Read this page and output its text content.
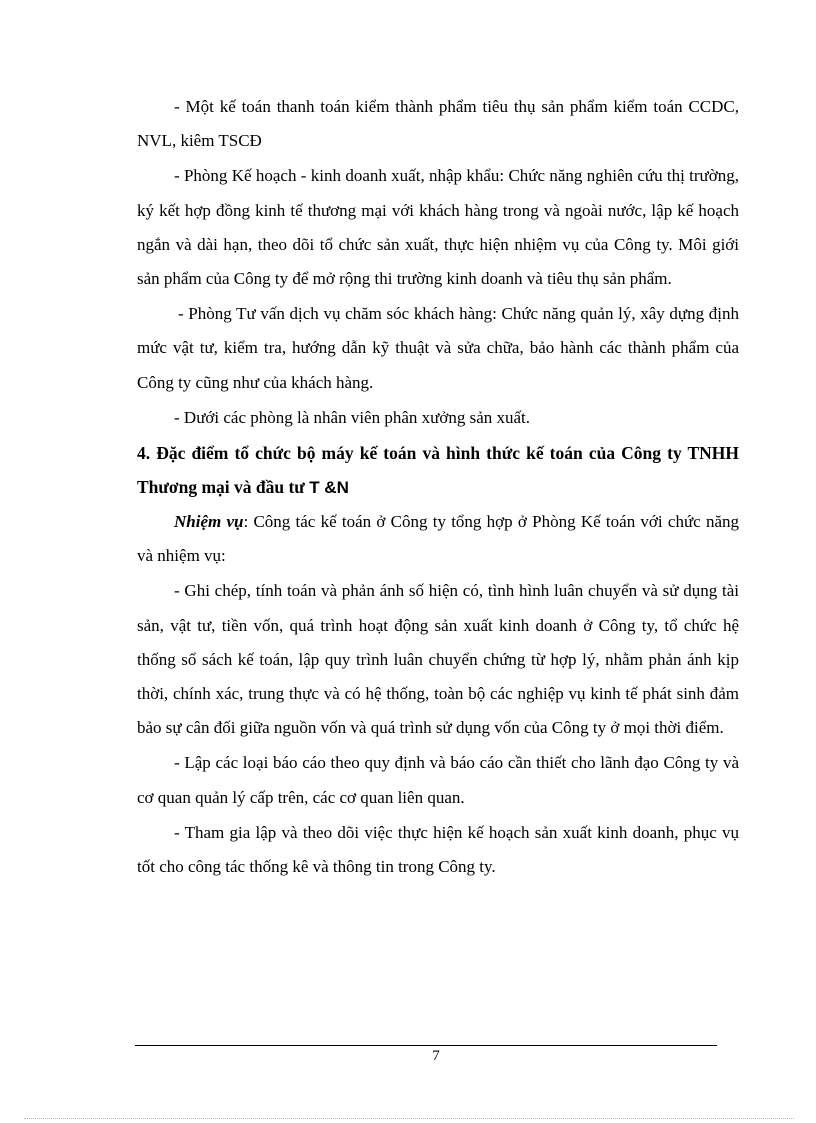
- Một kế toán thanh toán kiểm thành phẩm tiêu thụ sản phẩm kiểm toán CCDC, NVL, kiêm TSCĐ

- Phòng Kế hoạch - kinh doanh xuất, nhập khẩu: Chức năng nghiên cứu thị trường, ký kết hợp đồng kinh tế thương mại với khách hàng trong và ngoài nước, lập kế hoạch ngắn và dài hạn, theo dõi tổ chức sản xuất, thực hiện nhiệm vụ của Công ty. Môi giới sản phẩm của Công ty để mở rộng thi trường kinh doanh và tiêu thụ sản phẩm.

- Phòng Tư vấn dịch vụ chăm sóc khách hàng: Chức năng quản lý, xây dựng định mức vật tư, kiểm tra, hướng dẫn kỹ thuật và sửa chữa, bảo hành các thành phẩm của Công ty cũng như của khách hàng.

- Dưới các phòng là nhân viên phân xưởng sản xuất.

4. Đặc điểm tổ chức bộ máy kế toán và hình thức kế toán của Công ty TNHH Thương mại và đầu tư T &N

Nhiệm vụ: Công tác kế toán ở Công ty tổng hợp ở Phòng Kế toán với chức năng và nhiệm vụ:

- Ghi chép, tính toán và phản ánh số hiện có, tình hình luân chuyển và sử dụng tài sản, vật tư, tiền vốn, quá trình hoạt động sản xuất kinh doanh ở Công ty, tổ chức hệ thống sổ sách kế toán, lập quy trình luân chuyển chứng từ hợp lý, nhằm phản ánh kịp thời, chính xác, trung thực và có hệ thống, toàn bộ các nghiệp vụ kinh tế phát sinh đảm bảo sự cân đối giữa nguồn vốn và quá trình sử dụng vốn của Công ty ở mọi thời điểm.

- Lập các loại báo cáo theo quy định và báo cáo cần thiết cho lãnh đạo Công ty và cơ quan quản lý cấp trên, các cơ quan liên quan.

- Tham gia lập và theo dõi việc thực hiện kế hoạch sản xuất kinh doanh, phục vụ tốt cho công tác thống kê và thông tin trong Công ty.

7
